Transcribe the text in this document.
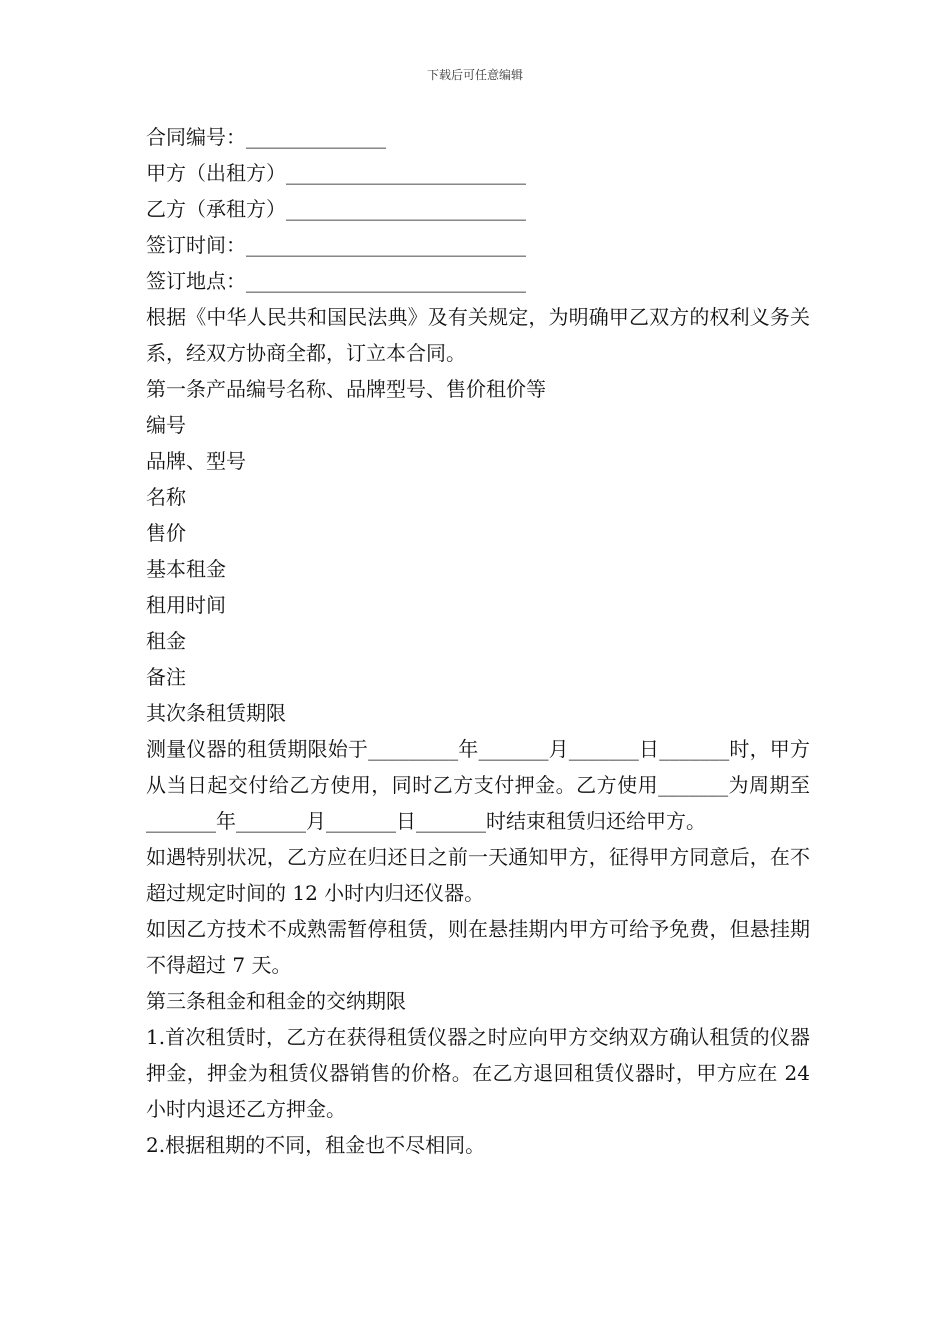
下载后可任意编辑
合同编号：______________
甲方（出租方）________________________
乙方（承租方）________________________
签订时间：____________________________
签订地点：____________________________
根据《中华人民共和国民法典》及有关规定，为明确甲乙双方的权利义务关系，经双方协商全都，订立本合同。
第一条产品编号名称、品牌型号、售价租价等
编号
品牌、型号
名称
售价
基本租金
租用时间
租金
备注
其次条租赁期限
测量仪器的租赁期限始于_________年_______月_______日_______时，甲方从当日起交付给乙方使用，同时乙方支付押金。乙方使用_______为周期至_______年_______月_______日_______时结束租赁归还给甲方。
如遇特别状况，乙方应在归还日之前一天通知甲方，征得甲方同意后，在不超过规定时间的 12 小时内归还仪器。
如因乙方技术不成熟需暂停租赁，则在悬挂期内甲方可给予免费，但悬挂期不得超过 7 天。
第三条租金和租金的交纳期限
1.首次租赁时，乙方在获得租赁仪器之时应向甲方交纳双方确认租赁的仪器押金，押金为租赁仪器销售的价格。在乙方退回租赁仪器时，甲方应在 24 小时内退还乙方押金。
2.根据租期的不同，租金也不尽相同。
